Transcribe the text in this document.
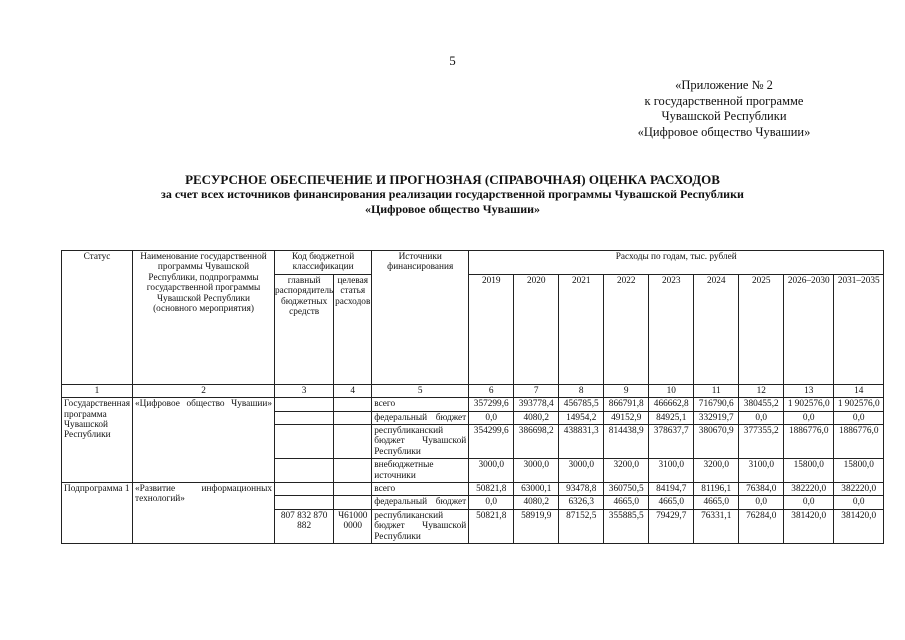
5
«Приложение № 2
к государственной программе
Чувашской Республики
«Цифровое общество Чувашии»
РЕСУРСНОЕ ОБЕСПЕЧЕНИЕ И ПРОГНОЗНАЯ (СПРАВОЧНАЯ) ОЦЕНКА РАСХОДОВ
за счет всех источников финансирования реализации государственной программы Чувашской Республики
«Цифровое общество Чувашии»
Статус	Наименование государственной программы Чувашской Республики, подпрограммы государственной программы Чувашской Республики (основного мероприятия)	Код бюджетной классификации		Источники финансирования	Расходы по годам, тыс. рублей								
		главный распорядитель бюджетных средств	целевая статья расходов		2019	2020	2021	2022	2023	2024	2025	2026–2030	2031–2035
1	2	3	4	5	6	7	8	9	10	11	12	13	14
Государственная программа Чувашской Республики	«Цифровое общество Чувашии»			всего	357299,6	393778,4	456785,5	866791,8	466662,8	716790,6	380455,2	1 902576,0	1 902576,0
				федеральный бюджет	0,0	4080,2	14954,2	49152,9	84925,1	332919,7	0,0	0,0	0,0
				республиканский бюджет Чувашской Республики	354299,6	386698,2	438831,3	814438,9	378637,7	380670,9	377355,2	1886776,0	1886776,0
				внебюджетные источники	3000,0	3000,0	3000,0	3200,0	3100,0	3200,0	3100,0	15800,0	15800,0
Подпрограмма 1	«Развитие информационных технологий»			всего	50821,8	63000,1	93478,8	360750,5	84194,7	81196,1	76384,0	382220,0	382220,0
				федеральный бюджет	0,0	4080,2	6326,3	4665,0	4665,0	4665,0	0,0	0,0	0,0
		807 832 870 882	Ч61000 0000	республиканский бюджет Чувашской Республики	50821,8	58919,9	87152,5	355885,5	79429,7	76331,1	76284,0	381420,0	381420,0
